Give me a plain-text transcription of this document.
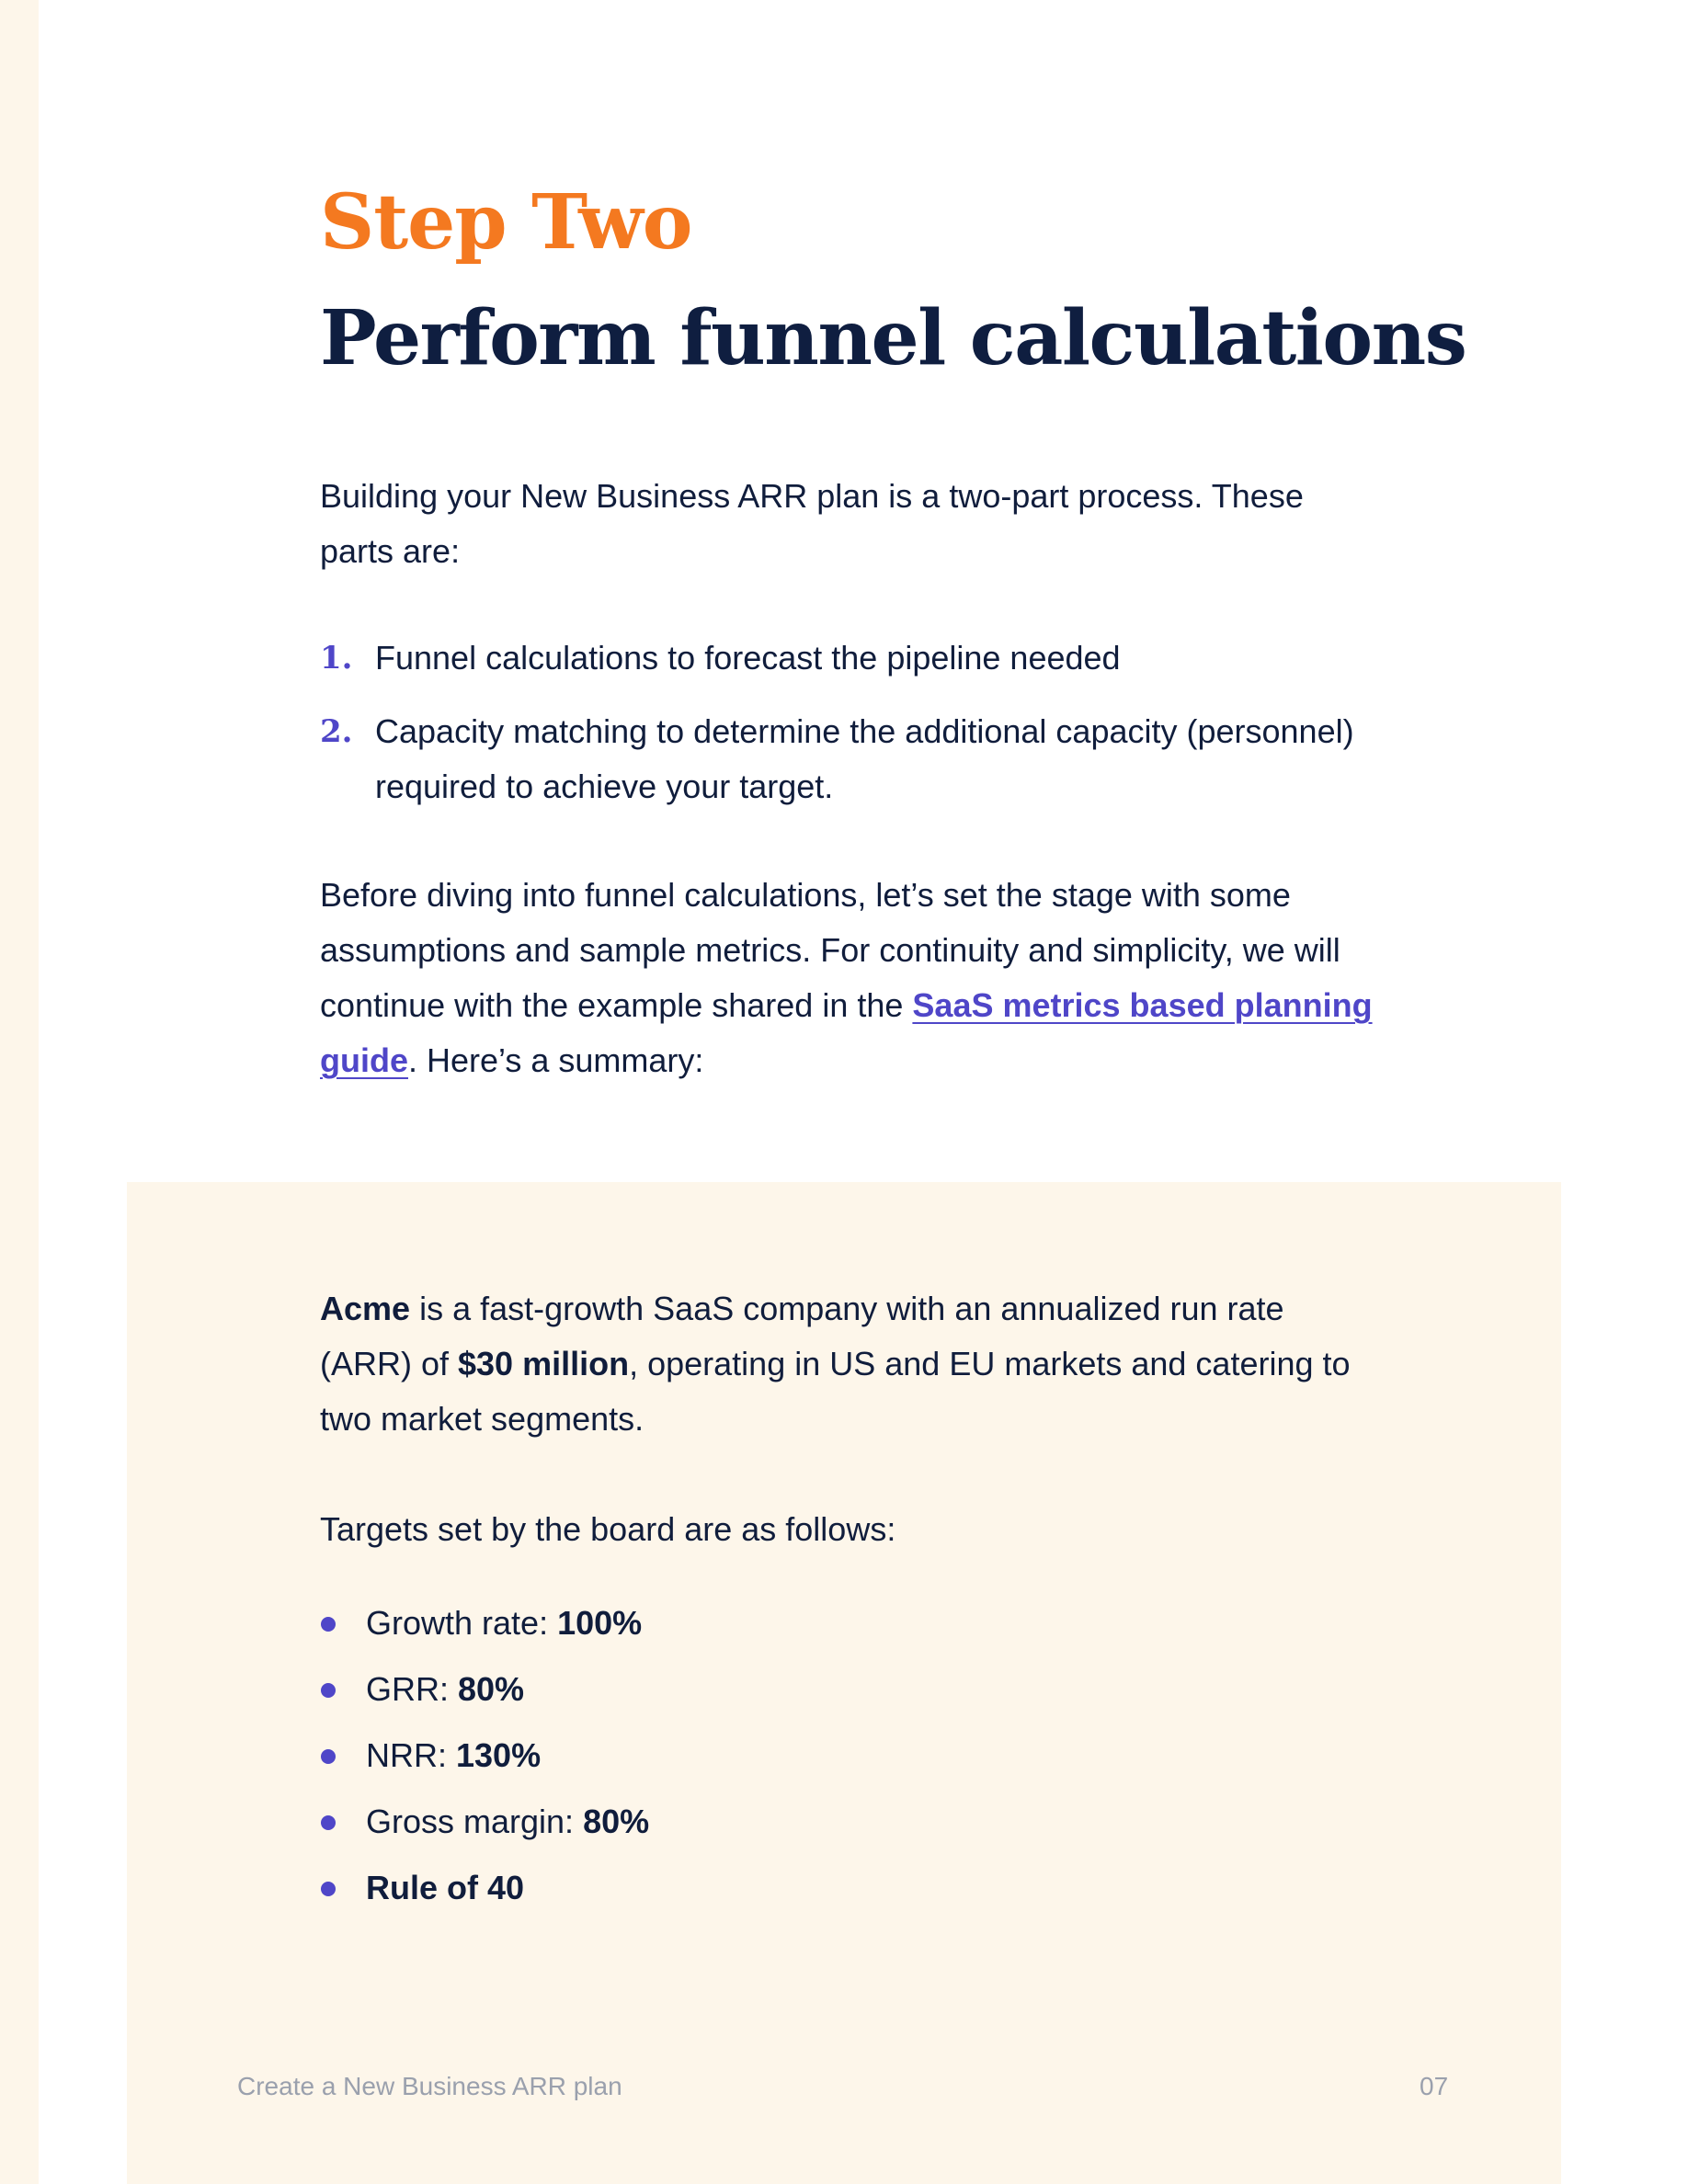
Step Two
Perform funnel calculations

Building your New Business ARR plan is a two-part process. These parts are:

1. Funnel calculations to forecast the pipeline needed
2. Capacity matching to determine the additional capacity (personnel) required to achieve your target.

Before diving into funnel calculations, let’s set the stage with some assumptions and sample metrics. For continuity and simplicity, we will continue with the example shared in the SaaS metrics based planning guide. Here’s a summary:

Acme is a fast-growth SaaS company with an annualized run rate (ARR) of $30 million, operating in US and EU markets and catering to two market segments.

Targets set by the board are as follows:

Growth rate: 100%
GRR: 80%
NRR: 130%
Gross margin: 80%
Rule of 40
Create a New Business ARR plan	07
